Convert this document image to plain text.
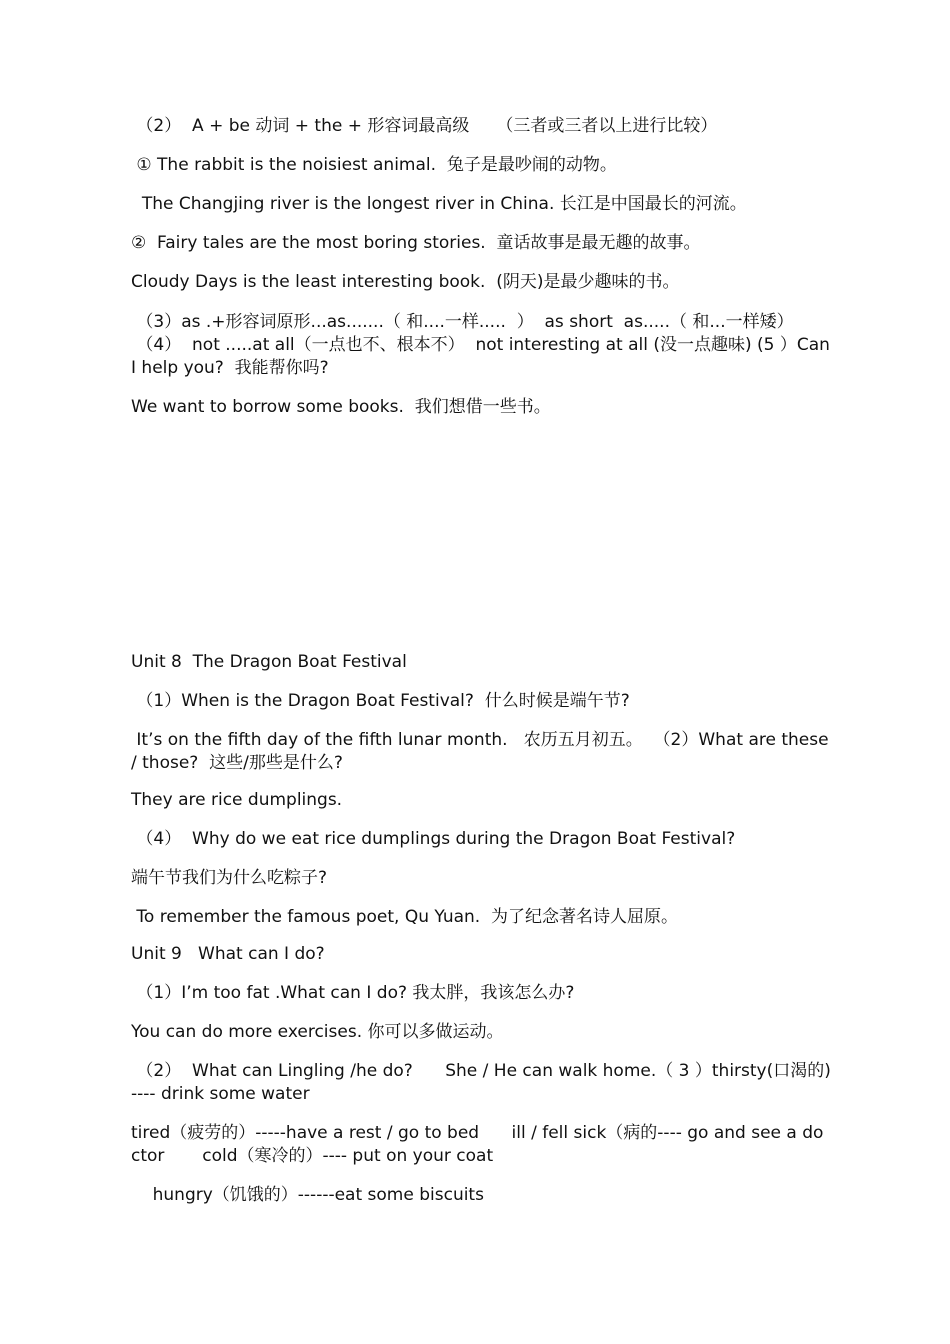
（2）  A + be 动词 + the + 形容词最高级     （三者或三者以上进行比较）
① The rabbit is the noisiest animal.  兔子是最吵闹的动物。
The Changjing river is the longest river in China. 长江是中国最长的河流。
②  Fairy tales are the most boring stories.  童话故事是最无趣的故事。
Cloudy Days is the least interesting book.  (阴天)是最少趣味的书。
（3）as .+形容词原形...as.......（ 和....一样.....  ）  as short  as.....（ 和...一样矮）
（4）  not .....at all（一点也不、根本不）  not interesting at all (没一点趣味) (5 ）Can I help you?  我能帮你吗?
We want to borrow some books.  我们想借一些书。
Unit 8  The Dragon Boat Festival
（1）When is the Dragon Boat Festival?  什么时候是端午节?
It’s on the fifth day of the fifth lunar month.   农历五月初五。  （2）What are these / those?  这些/那些是什么?
They are rice dumplings.
（4）  Why do we eat rice dumplings during the Dragon Boat Festival?
端午节我们为什么吃粽子?
To remember the famous poet, Qu Yuan.  为了纪念著名诗人屈原。
Unit 9   What can I do?
（1）I’m too fat .What can I do? 我太胖，我该怎么办?
You can do more exercises. 你可以多做运动。
（2）  What can Lingling /he do?      She / He can walk home.（ 3 ）thirsty(口渴的)---- drink some water
tired（疲劳的）-----have a rest / go to bed      ill / fell sick（病的---- go and see a doctor       cold（寒冷的）---- put on your coat
hungry（饥饿的）------eat some biscuits
